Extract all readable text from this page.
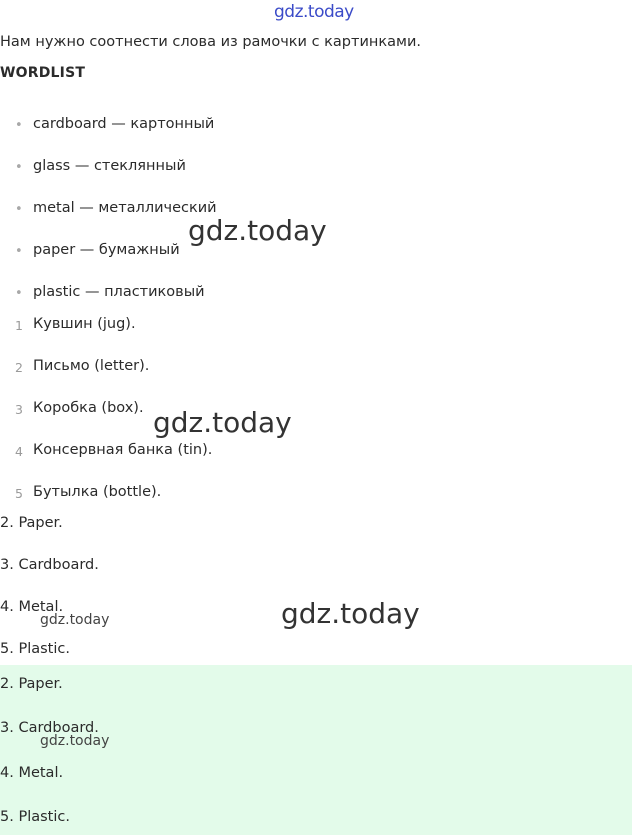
gdz.today
Нам нужно соотнести слова из рамочки с картинками.
WORDLIST
• cardboard — картонный
• glass — стеклянный
• metal — металлический
• paper — бумажный
• plastic — пластиковый
1 Кувшин (jug).
2 Письмо (letter).
3 Коробка (box).
4 Консервная банка (tin).
5 Бутылка (bottle).
2. Paper.
3. Cardboard.
4. Metal.
5. Plastic.
2. Paper.
3. Cardboard.
4. Metal.
5. Plastic.
gdz.today
gdz.today
gdz.today
gdz.today
gdz.today
